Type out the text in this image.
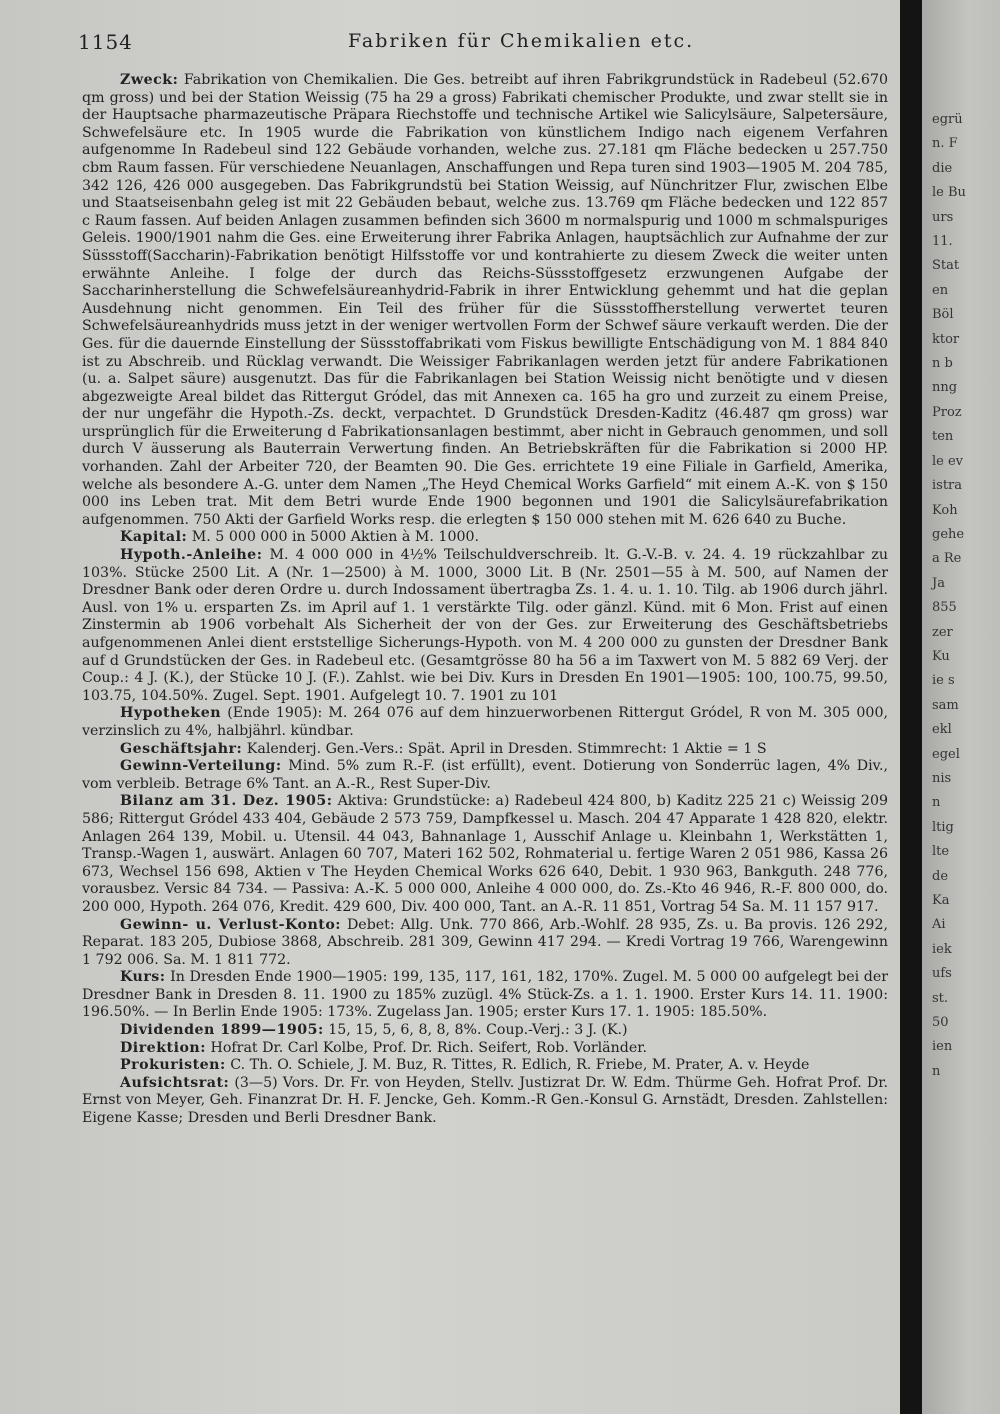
1154	Fabriken für Chemikalien etc.

Zweck: Fabrikation von Chemikalien. Die Ges. betreibt auf ihren Fabrikgrundstück in Radebeul (52.670 qm gross) und bei der Station Weissig (75 ha 29 a gross) Fabrikati chemischer Produkte, und zwar stellt sie in der Hauptsache pharmazeutische Präpara Riechstoffe und technische Artikel wie Salicylsäure, Salpetersäure, Schwefelsäure etc. In 1905 wurde die Fabrikation von künstlichem Indigo nach eigenem Verfahren aufgenomme In Radebeul sind 122 Gebäude vorhanden, welche zus. 27.181 qm Fläche bedecken u 257.750 cbm Raum fassen. Für verschiedene Neuanlagen, Anschaffungen und Repa turen sind 1903—1905 M. 204 785, 342 126, 426 000 ausgegeben. Das Fabrikgrundstü bei Station Weissig, auf Nünchritzer Flur, zwischen Elbe und Staatseisenbahn geleg ist mit 22 Gebäuden bebaut, welche zus. 13.769 qm Fläche bedecken und 122 857 c Raum fassen. Auf beiden Anlagen zusammen befinden sich 3600 m normalspurig und 1000 m schmalspuriges Geleis. 1900/1901 nahm die Ges. eine Erweiterung ihrer Fabrika Anlagen, hauptsächlich zur Aufnahme der zur Süssstoff(Saccharin)-Fabrikation benötigt Hilfsstoffe vor und kontrahierte zu diesem Zweck die weiter unten erwähnte Anleihe. I folge der durch das Reichs-Süssstoffgesetz erzwungenen Aufgabe der Saccharinherstellung die Schwefelsäureanhydrid-Fabrik in ihrer Entwicklung gehemmt und hat die geplan Ausdehnung nicht genommen. Ein Teil des früher für die Süssstoffherstellung verwertet teuren Schwefelsäureanhydrids muss jetzt in der weniger wertvollen Form der Schwef säure verkauft werden. Die der Ges. für die dauernde Einstellung der Süssstoffabrikati vom Fiskus bewilligte Entschädigung von M. 1 884 840 ist zu Abschreib. und Rücklag verwandt. Die Weissiger Fabrikanlagen werden jetzt für andere Fabrikationen (u. a. Salpet säure) ausgenutzt. Das für die Fabrikanlagen bei Station Weissig nicht benötigte und v diesen abgezweigte Areal bildet das Rittergut Gródel, das mit Annexen ca. 165 ha gro und zurzeit zu einem Preise, der nur ungefähr die Hypoth.-Zs. deckt, verpachtet. D Grundstück Dresden-Kaditz (46.487 qm gross) war ursprünglich für die Erweiterung d Fabrikationsanlagen bestimmt, aber nicht in Gebrauch genommen, und soll durch V äusserung als Bauterrain Verwertung finden. An Betriebskräften für die Fabrikation si 2000 HP. vorhanden. Zahl der Arbeiter 720, der Beamten 90. Die Ges. errichtete 19 eine Filiale in Garfield, Amerika, welche als besondere A.-G. unter dem Namen „The Heyd Chemical Works Garfield“ mit einem A.-K. von $ 150 000 ins Leben trat. Mit dem Betri wurde Ende 1900 begonnen und 1901 die Salicylsäurefabrikation aufgenommen. 750 Akti der Garfield Works resp. die erlegten $ 150 000 stehen mit M. 626 640 zu Buche.

Kapital: M. 5 000 000 in 5000 Aktien à M. 1000.

Hypoth.-Anleihe: M. 4 000 000 in 4½% Teilschuldverschreib. lt. G.-V.-B. v. 24. 4. 19 rückzahlbar zu 103%. Stücke 2500 Lit. A (Nr. 1—2500) à M. 1000, 3000 Lit. B (Nr. 2501—55 à M. 500, auf Namen der Dresdner Bank oder deren Ordre u. durch Indossament übertragba Zs. 1. 4. u. 1. 10. Tilg. ab 1906 durch jährl. Ausl. von 1% u. ersparten Zs. im April auf 1. 1 verstärkte Tilg. oder gänzl. Künd. mit 6 Mon. Frist auf einen Zinstermin ab 1906 vorbehalt Als Sicherheit der von der Ges. zur Erweiterung des Geschäftsbetriebs aufgenommenen Anlei dient erststellige Sicherungs-Hypoth. von M. 4 200 000 zu gunsten der Dresdner Bank auf d Grundstücken der Ges. in Radebeul etc. (Gesamtgrösse 80 ha 56 a im Taxwert von M. 5 882 69 Verj. der Coup.: 4 J. (K.), der Stücke 10 J. (F.). Zahlst. wie bei Div. Kurs in Dresden En 1901—1905: 100, 100.75, 99.50, 103.75, 104.50%. Zugel. Sept. 1901. Aufgelegt 10. 7. 1901 zu 101

Hypotheken (Ende 1905): M. 264 076 auf dem hinzuerworbenen Rittergut Gródel, R von M. 305 000, verzinslich zu 4%, halbjährl. kündbar.

Geschäftsjahr: Kalenderj. Gen.-Vers.: Spät. April in Dresden. Stimmrecht: 1 Aktie = 1 S

Gewinn-Verteilung: Mind. 5% zum R.-F. (ist erfüllt), event. Dotierung von Sonderrüc lagen, 4% Div., vom verbleib. Betrage 6% Tant. an A.-R., Rest Super-Div.

Bilanz am 31. Dez. 1905: Aktiva: Grundstücke: a) Radebeul 424 800, b) Kaditz 225 21 c) Weissig 209 586; Rittergut Gródel 433 404, Gebäude 2 573 759, Dampfkessel u. Masch. 204 47 Apparate 1 428 820, elektr. Anlagen 264 139, Mobil. u. Utensil. 44 043, Bahnanlage 1, Ausschif Anlage u. Kleinbahn 1, Werkstätten 1, Transp.-Wagen 1, auswärt. Anlagen 60 707, Materi 162 502, Rohmaterial u. fertige Waren 2 051 986, Kassa 26 673, Wechsel 156 698, Aktien v The Heyden Chemical Works 626 640, Debit. 1 930 963, Bankguth. 248 776, vorausbez. Versic 84 734. — Passiva: A.-K. 5 000 000, Anleihe 4 000 000, do. Zs.-Kto 46 946, R.-F. 800 000, do. 200 000, Hypoth. 264 076, Kredit. 429 600, Div. 400 000, Tant. an A.-R. 11 851, Vortrag 54 Sa. M. 11 157 917.

Gewinn- u. Verlust-Konto: Debet: Allg. Unk. 770 866, Arb.-Wohlf. 28 935, Zs. u. Ba provis. 126 292, Reparat. 183 205, Dubiose 3868, Abschreib. 281 309, Gewinn 417 294. — Kredi Vortrag 19 766, Warengewinn 1 792 006. Sa. M. 1 811 772.

Kurs: In Dresden Ende 1900—1905: 199, 135, 117, 161, 182, 170%. Zugel. M. 5 000 00 aufgelegt bei der Dresdner Bank in Dresden 8. 11. 1900 zu 185% zuzügl. 4% Stück-Zs. a 1. 1. 1900. Erster Kurs 14. 11. 1900: 196.50%. — In Berlin Ende 1905: 173%. Zugelass Jan. 1905; erster Kurs 17. 1. 1905: 185.50%.

Dividenden 1899—1905: 15, 15, 5, 6, 8, 8, 8%. Coup.-Verj.: 3 J. (K.)

Direktion: Hofrat Dr. Carl Kolbe, Prof. Dr. Rich. Seifert, Rob. Vorländer.

Prokuristen: C. Th. O. Schiele, J. M. Buz, R. Tittes, R. Edlich, R. Friebe, M. Prater, A. v. Heyde

Aufsichtsrat: (3—5) Vors. Dr. Fr. von Heyden, Stellv. Justizrat Dr. W. Edm. Thürme Geh. Hofrat Prof. Dr. Ernst von Meyer, Geh. Finanzrat Dr. H. F. Jencke, Geh. Komm.-R Gen.-Konsul G. Arnstädt, Dresden. Zahlstellen: Eigene Kasse; Dresden und Berli Dresdner Bank.

egrü
n. F
die
le Bu
urs
11.
Stat
en
Böl
ktor
n b
nng
Proz
ten
le ev
istra
Koh
gehe
a Re
Ja
855
zer
Ku
ie s
sam
ekl
egel
nis
n
ltig
lte
de
Ka
Ai
iek
ufs
st.
50
ien
n
